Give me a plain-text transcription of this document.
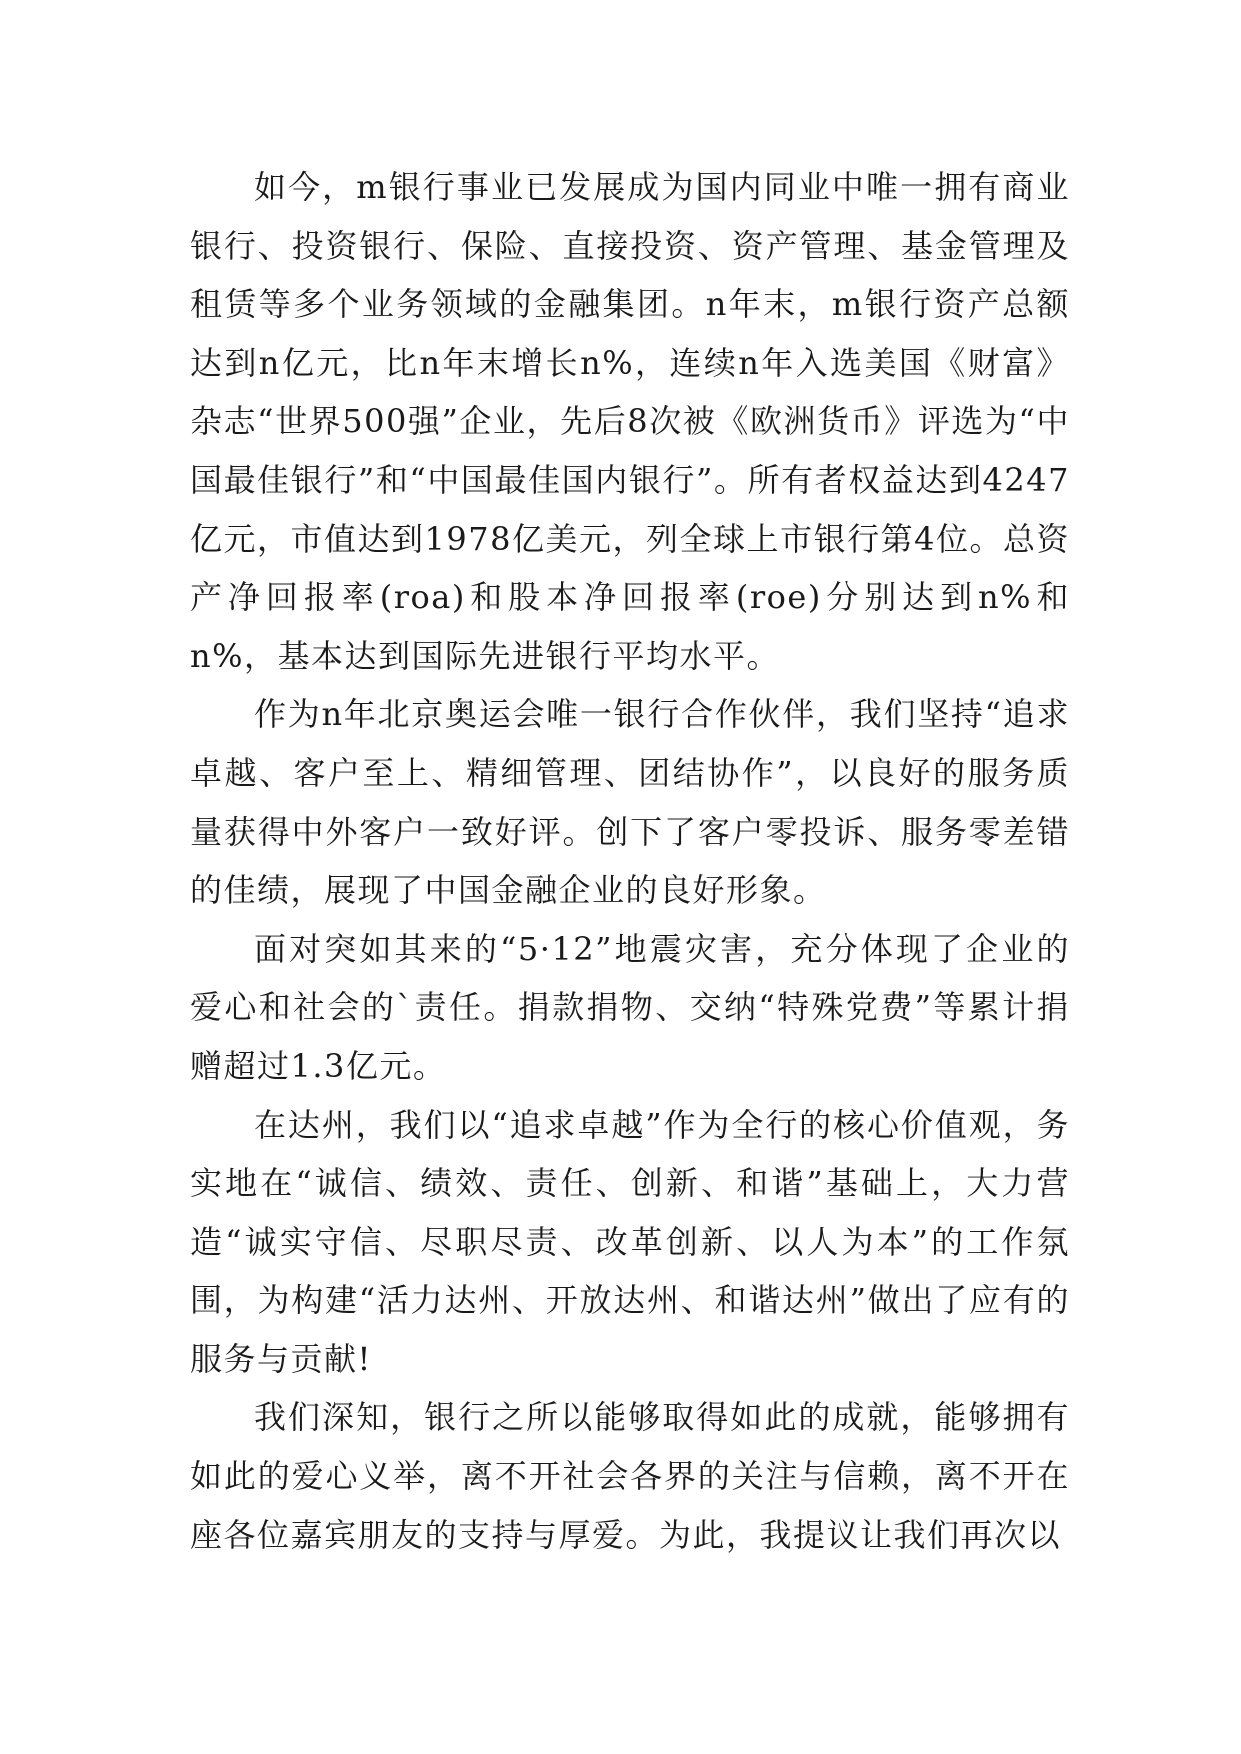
如今，m银行事业已发展成为国内同业中唯一拥有商业银行、投资银行、保险、直接投资、资产管理、基金管理及租赁等多个业务领域的金融集团。n年末，m银行资产总额达到n亿元，比n年末增长n%，连续n年入选美国《财富》杂志“世界500强”企业，先后8次被《欧洲货币》评选为“中国最佳银行”和“中国最佳国内银行”。所有者权益达到4247亿元，市值达到1978亿美元，列全球上市银行第4位。总资产净回报率(roa)和股本净回报率(roe)分别达到n%和n%，基本达到国际先进银行平均水平。

作为n年北京奥运会唯一银行合作伙伴，我们坚持“追求卓越、客户至上、精细管理、团结协作”，以良好的服务质量获得中外客户一致好评。创下了客户零投诉、服务零差错的佳绩，展现了中国金融企业的良好形象。

面对突如其来的“5·12”地震灾害，充分体现了企业的爱心和社会的`责任。捐款捐物、交纳“特殊党费”等累计捐赠超过1.3亿元。

在达州，我们以“追求卓越”作为全行的核心价值观，务实地在“诚信、绩效、责任、创新、和谐”基础上，大力营造“诚实守信、尽职尽责、改革创新、以人为本”的工作氛围，为构建“活力达州、开放达州、和谐达州”做出了应有的服务与贡献!

我们深知，银行之所以能够取得如此的成就，能够拥有如此的爱心义举，离不开社会各界的关注与信赖，离不开在座各位嘉宾朋友的支持与厚爱。为此，我提议让我们再次以
